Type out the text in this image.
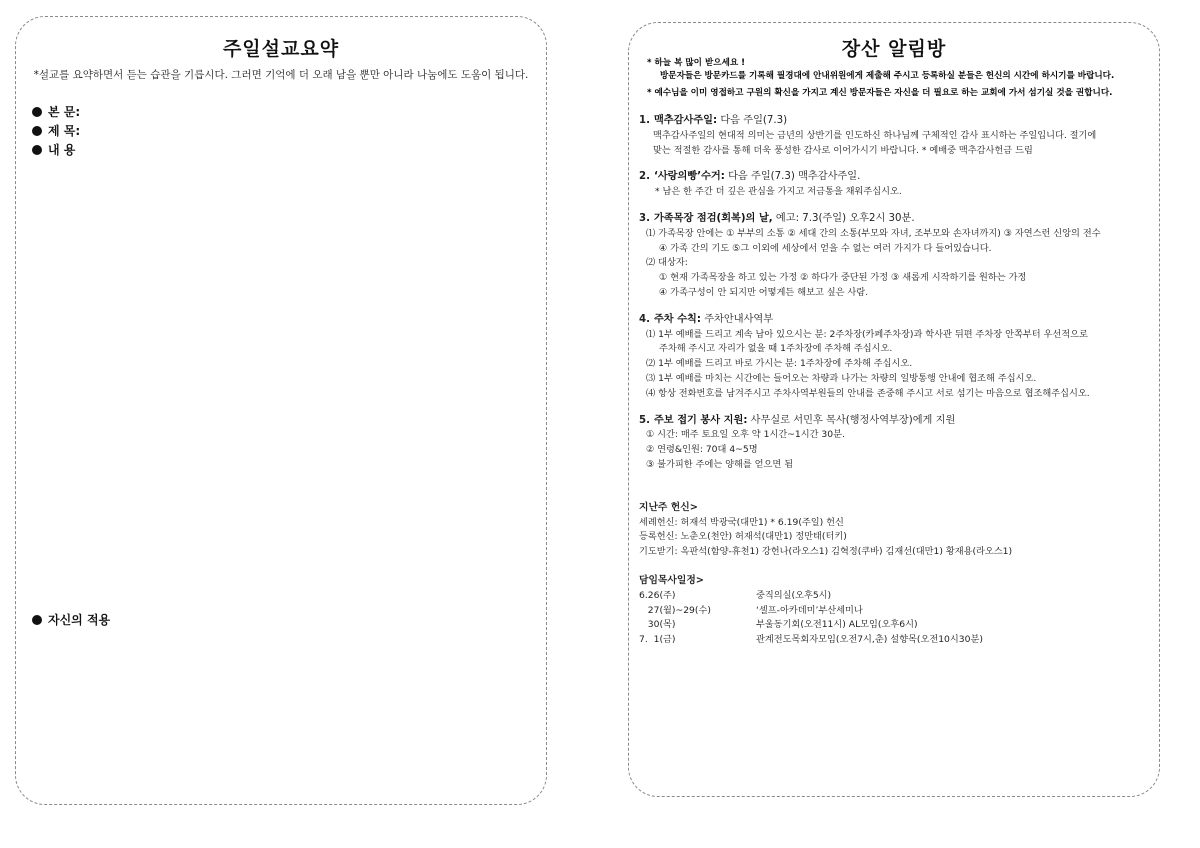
주일설교요약
*설교를 요약하면서 듣는 습관을 기릅시다. 그러면 기억에 더 오래 남을 뿐만 아니라 나눔에도 도움이 됩니다.
본 문:
제 목:
내 용
자신의 적용
장산 알림방
* 하늘 복 많이 받으세요 !
방문자들은 방문카드를 기록해 필경대에 안내위원에게 제출해 주시고 등록하실 분들은 헌신의 시간에 하시기를 바랍니다.
* 예수님을 이미 영접하고 구원의 확신을 가지고 계신 방문자들은 자신을 더 필요로 하는 교회에 가서 섬기실 것을 권합니다.
1. 맥추감사주일: 다음 주일(7.3)
맥추감사주일의 현대적 의미는 금년의 상반기를 인도하신 하나님께 구체적인 감사 표시하는 주일입니다. 절기에
맞는 적절한 감사를 통해 더욱 풍성한 감사로 이어가시기 바랍니다. * 예배중 맥추감사헌금 드림
2. ‘사랑의빵’수거: 다음 주일(7.3) 맥추감사주일.
* 남은 한 주간 더 깊은 관심을 가지고 저금통을 채워주십시오.
3. 가족목장 점검(회복)의 날, 예고: 7.3(주일) 오후2시 30분.
⑴ 가족목장 안에는 ① 부부의 소통 ② 세대 간의 소통(부모와 자녀, 조부모와 손자녀까지) ③ 자연스런 신앙의 전수
④ 가족 간의 기도 ⑤그 이외에 세상에서 얻을 수 없는 여러 가지가 다 들어있습니다.
⑵ 대상자:
① 현재 가족목장을 하고 있는 가정 ② 하다가 중단된 가정 ③ 새롭게 시작하기를 원하는 가정
④ 가족구성이 안 되지만 어떻게든 해보고 싶은 사람.
4. 주차 수칙: 주차안내사역부
⑴ 1부 예배를 드리고 계속 남아 있으시는 분: 2주차장(카페주차장)과 학사관 뒤편 주차장 안쪽부터 우선적으로
주차해 주시고 자리가 없을 때 1주차장에 주차해 주십시오.
⑵ 1부 예배를 드리고 바로 가시는 분: 1주차장에 주차해 주십시오.
⑶ 1부 예배를 마치는 시간에는 들어오는 차량과 나가는 차량의 일방통행 안내에 협조해 주십시오.
⑷ 항상 전화번호를 남겨주시고 주차사역부원들의 안내를 존중해 주시고 서로 섬기는 마음으로 협조해주십시오.
5. 주보 접기 봉사 지원: 사무실로 서민후 목사(행정사역부장)에게 지원
① 시간: 매주 토요일 오후 약 1시간~1시간 30분.
② 연령&인원: 70대 4~5명
③ 불가피한 주에는 양해를 얻으면 됨
지난주 헌신>
세례헌신: 허재석 박광국(대만1) * 6.19(주일) 헌신
등록헌신: 노춘오(천안) 허재석(대만1) 정만태(터키)
기도받기: 옥판석(함양-휴천1) 강헌나(라오스1) 김혁정(쿠바) 김재선(대만1) 황재용(라오스1)
담임목사일정>
6.26(주)	중직의실(오후5시)
27(월)~29(수)	‘셀프-아카데미’부산세미나
30(목)	부울동기회(오전11시) AL모임(오후6시)
7.  1(금)	관계전도목회자모임(오전7시,춘) 설향목(오전10시30분)
